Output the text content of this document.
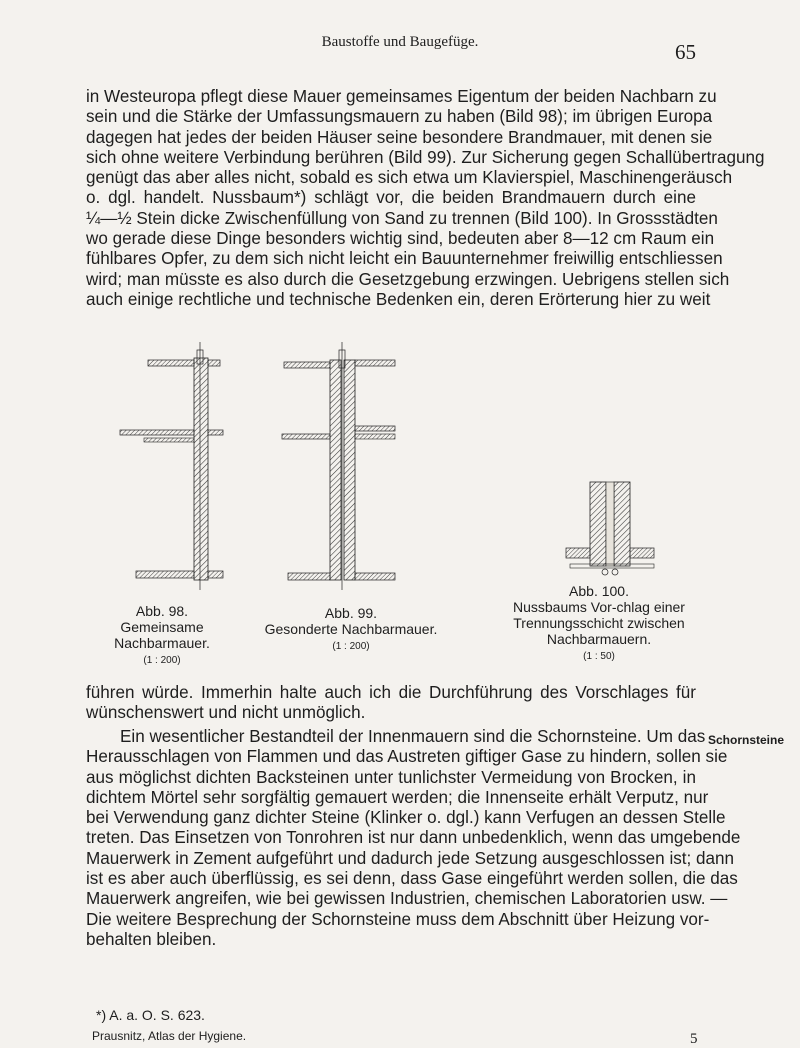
Baustoffe und Baugefüge.	65
in Westeuropa pflegt diese Mauer gemeinsames Eigentum der beiden Nachbarn zu
sein und die Stärke der Umfassungsmauern zu haben (Bild 98); im übrigen Europa
dagegen hat jedes der beiden Häuser seine besondere Brandmauer, mit denen sie
sich ohne weitere Verbindung berühren (Bild 99). Zur Sicherung gegen Schallübertragung
genügt das aber alles nicht, sobald es sich etwa um Klavierspiel, Maschinengeräusch
o. dgl. handelt. Nussbaum*) schlägt vor, die beiden Brandmauern durch eine
¼—½ Stein dicke Zwischenfüllung von Sand zu trennen (Bild 100). In Grossstädten
wo gerade diese Dinge besonders wichtig sind, bedeuten aber 8—12 cm Raum ein
fühlbares Opfer, zu dem sich nicht leicht ein Bauunternehmer freiwillig entschliessen
wird; man müsste es also durch die Gesetzgebung erzwingen. Uebrigens stellen sich
auch einige rechtliche und technische Bedenken ein, deren Erörterung hier zu weit
Abb. 98.
Gemeinsame Nachbarmauer.
(1 : 200)
Abb. 99.
Gesonderte Nachbarmauer.
(1 : 200)
Abb. 100.
Nussbaums Vor-chlag einer
Trennungsschicht zwischen
Nachbarmauern.
(1 : 50)
führen würde. Immerhin halte auch ich die Durchführung des Vorschlages für
wünschenswert und nicht unmöglich.
Ein wesentlicher Bestandteil der Innenmauern sind die Schornsteine. Um das
Herausschlagen von Flammen und das Austreten giftiger Gase zu hindern, sollen sie
aus möglichst dichten Backsteinen unter tunlichster Vermeidung von Brocken, in
dichtem Mörtel sehr sorgfältig gemauert werden; die Innenseite erhält Verputz, nur
bei Verwendung ganz dichter Steine (Klinker o. dgl.) kann Verfugen an dessen Stelle
treten. Das Einsetzen von Tonrohren ist nur dann unbedenklich, wenn das umgebende
Mauerwerk in Zement aufgeführt und dadurch jede Setzung ausgeschlossen ist; dann
ist es aber auch überflüssig, es sei denn, dass Gase eingeführt werden sollen, die das
Mauerwerk angreifen, wie bei gewissen Industrien, chemischen Laboratorien usw. —
Die weitere Besprechung der Schornsteine muss dem Abschnitt über Heizung vor-
behalten bleiben.
Schornsteine
*) A. a. O. S. 623.
Prausnitz, Atlas der Hygiene.	5
